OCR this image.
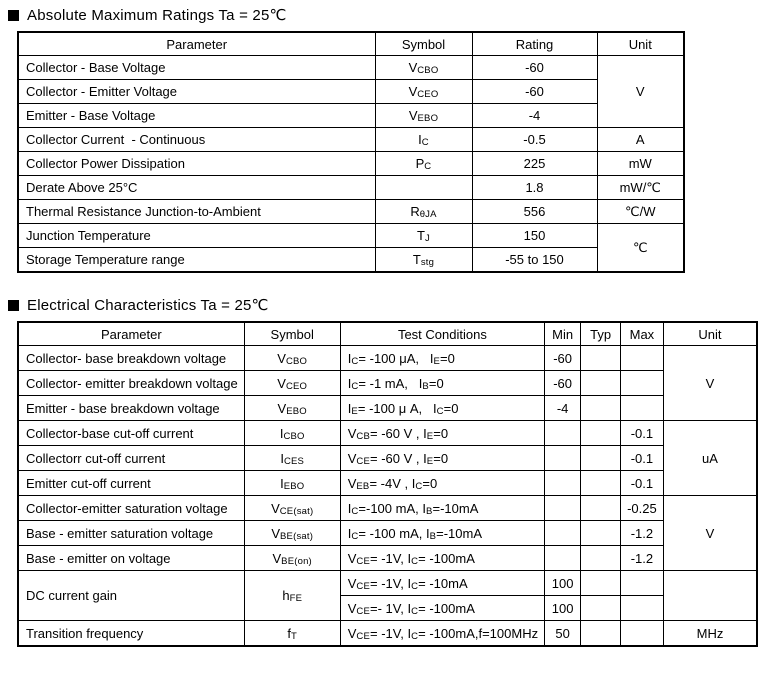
Absolute Maximum Ratings Ta = 25℃
Parameter	Symbol	Rating	Unit
Collector - Base Voltage	VCBO	-60	V
Collector - Emitter Voltage	VCEO	-60	
Emitter - Base Voltage	VEBO	-4	
Collector Current  - Continuous	IC	-0.5	A
Collector Power Dissipation	PC	225	mW
Derate Above 25°C		1.8	mW/℃
Thermal Resistance Junction-to-Ambient	RθJA	556	℃/W
Junction Temperature	TJ	150	℃
Storage Temperature range	Tstg	-55 to 150	
Electrical Characteristics Ta = 25℃
Parameter	Symbol	Test Conditions	Min	Typ	Max	Unit
Collector- base breakdown voltage	VCBO	IC= -100 μA,   IE=0	-60			V
Collector- emitter breakdown voltage	VCEO	IC= -1 mA,   IB=0	-60			
Emitter - base breakdown voltage	VEBO	IE= -100 μ A,   IC=0	-4			
Collector-base cut-off current	ICBO	VCB= -60 V , IE=0			-0.1	uA
Collectorr cut-off current	ICES	VCE= -60 V , IE=0			-0.1	
Emitter cut-off current	IEBO	VEB= -4V , IC=0			-0.1	
Collector-emitter saturation voltage	VCE(sat)	IC=-100 mA, IB=-10mA			-0.25	V
Base - emitter saturation voltage	VBE(sat)	IC= -100 mA, IB=-10mA			-1.2	
Base - emitter on voltage	VBE(on)	VCE= -1V, IC= -100mA			-1.2	
DC current gain	hFE	VCE= -1V, IC= -10mA	100			
		VCE=- 1V, IC= -100mA	100			
Transition frequency	fT	VCE= -1V, IC= -100mA,f=100MHz	50			MHz
